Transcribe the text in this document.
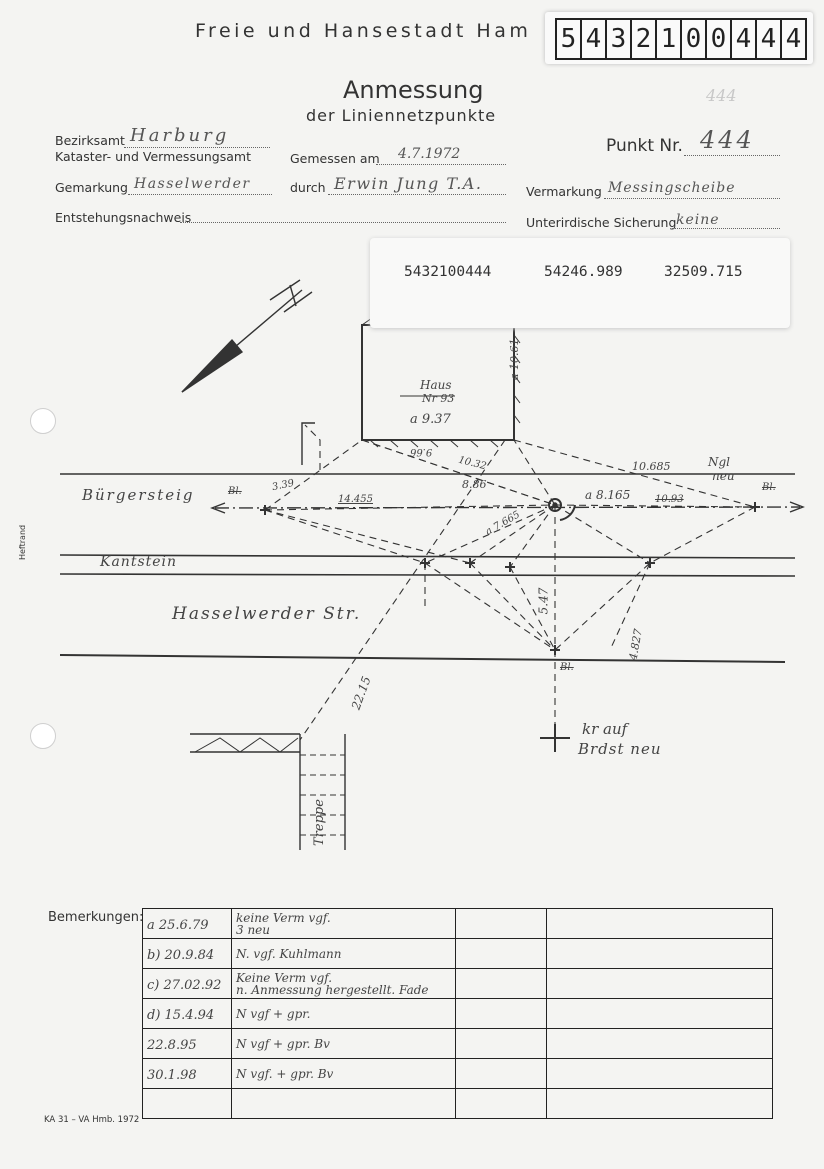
Heftrand
Freie und Hansestadt Ham 5 4 3 2 1 0 0 4 4 4
444
Anmessung
der Liniennetzpunkte
Bezirksamt Harburg
Kataster- und Vermessungsamt	Gemessen am 4.7.1972	Punkt Nr. 444
Gemarkung Hasselwerder	durch Erwin Jung T.A.	Vermarkung Messingscheibe
Entstehungsnachweis	Unterirdische Sicherung keine
5432100444	54246.989	32509.715
Haus
Nr 93
a 9.37
a 10.61
Bürgersteig
Kantstein
Hasselwerder Str.
Treppe
kr auf
Brdst neu
Ngl
neu
Bl.	Bl.
Bl.
10.685
a 8.165
14.455
10.32
8.86
9.66
a 7.665
22.15
5.47
4.827
10.93
3.39
Bemerkungen:
a 25.6.79	keine Verm vgf.
3 neu		

b) 20.9.84	N. vgf. Kuhlmann		

c) 27.02.92	Keine Verm vgf.
n. Anmessung hergestellt. Fade		

d) 15.4.94	N vgf + gpr.		

22.8.95	N vgf + gpr. Bv		

30.1.98	N vgf. + gpr. Bv		

KA 31 – VA Hmb. 1972
